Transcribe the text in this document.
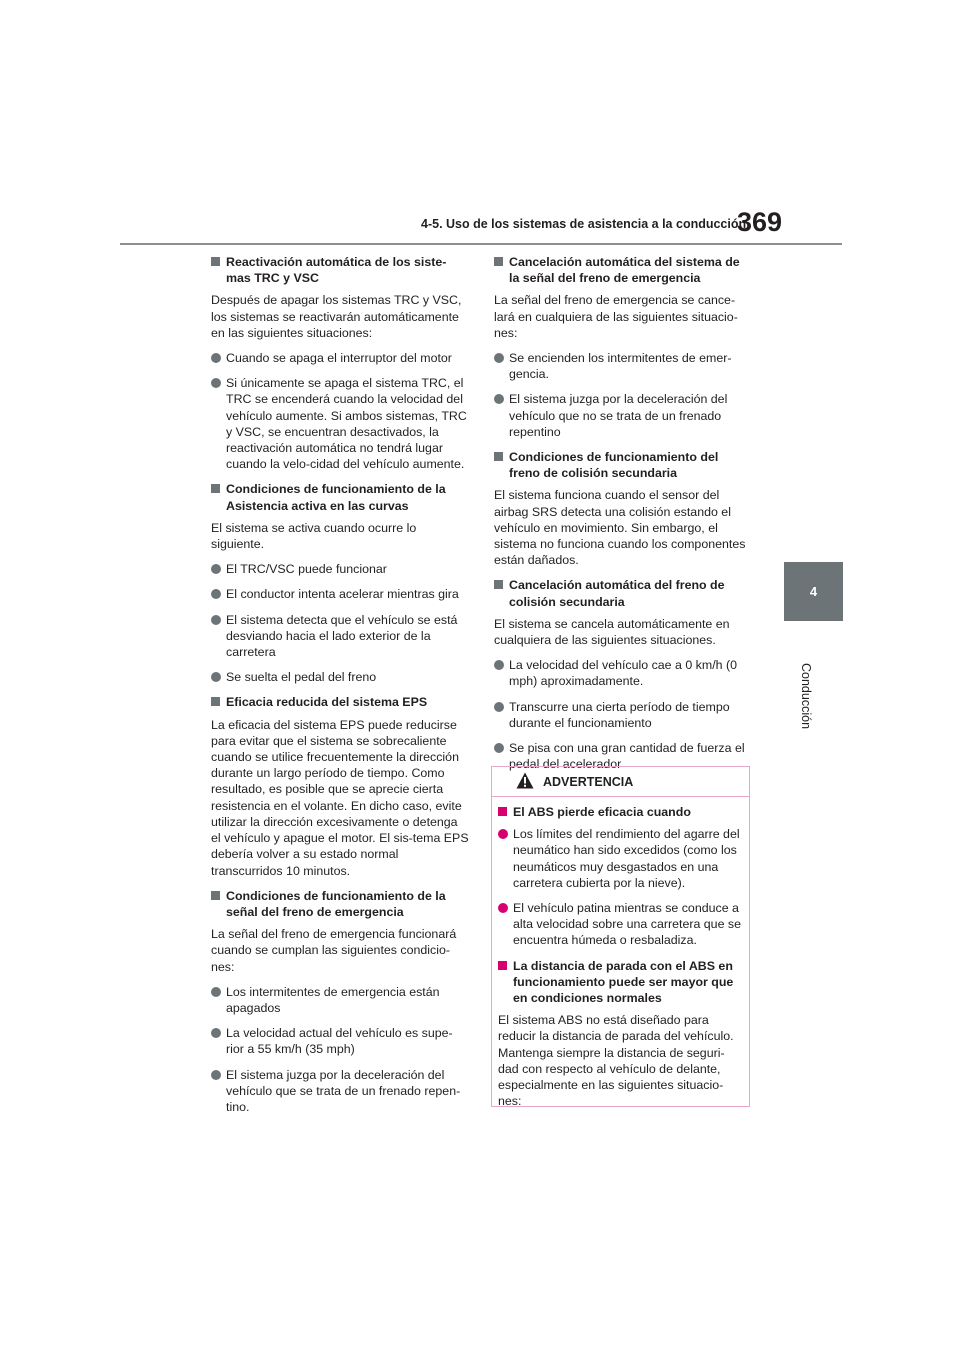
4-5. Uso de los sistemas de asistencia a la conducción
369
4
Conducción
Reactivación automática de los siste-mas TRC y VSC

Después de apagar los sistemas TRC y VSC, los sistemas se reactivarán automáticamente en las siguientes situaciones:

Cuando se apaga el interruptor del motor
Si únicamente se apaga el sistema TRC, el TRC se encenderá cuando la velocidad del vehículo aumente. Si ambos sistemas, TRC y VSC, se encuentran desactivados, la reactivación automática no tendrá lugar cuando la velo-cidad del vehículo aumente.
Condiciones de funcionamiento de la Asistencia activa en las curvas

El sistema se activa cuando ocurre lo siguiente.

El TRC/VSC puede funcionar
El conductor intenta acelerar mientras gira
El sistema detecta que el vehículo se está desviando hacia el lado exterior de la carretera
Se suelta el pedal del freno
Eficacia reducida del sistema EPS

La eficacia del sistema EPS puede reducirse para evitar que el sistema se sobrecaliente cuando se utilice frecuentemente la dirección durante un largo período de tiempo. Como resultado, es posible que se aprecie cierta resistencia en el volante. En dicho caso, evite utilizar la dirección excesivamente o detenga el vehículo y apague el motor. El sis-tema EPS debería volver a su estado normal transcurridos 10 minutos.

Condiciones de funcionamiento de la señal del freno de emergencia

La señal del freno de emergencia funcionará cuando se cumplan las siguientes condicio-nes:

Los intermitentes de emergencia están apagados
La velocidad actual del vehículo es supe-rior a 55 km/h (35 mph)
El sistema juzga por la deceleración del vehículo que se trata de un frenado repen-tino.
Cancelación automática del sistema de la señal del freno de emergencia

La señal del freno de emergencia se cance-lará en cualquiera de las siguientes situacio-nes:

Se encienden los intermitentes de emer-gencia.
El sistema juzga por la deceleración del vehículo que no se trata de un frenado repentino
Condiciones de funcionamiento del freno de colisión secundaria

El sistema funciona cuando el sensor del airbag SRS detecta una colisión estando el vehículo en movimiento. Sin embargo, el sistema no funciona cuando los componentes están dañados.

Cancelación automática del freno de colisión secundaria

El sistema se cancela automáticamente en cualquiera de las siguientes situaciones.

La velocidad del vehículo cae a 0 km/h (0 mph) aproximadamente.
Transcurre una cierta período de tiempo durante el funcionamiento
Se pisa con una gran cantidad de fuerza el pedal del acelerador
ADVERTENCIA
El ABS pierde eficacia cuando
Los límites del rendimiento del agarre del neumático han sido excedidos (como los neumáticos muy desgastados en una carretera cubierta por la nieve).
El vehículo patina mientras se conduce a alta velocidad sobre una carretera que se encuentra húmeda o resbaladiza.
La distancia de parada con el ABS en funcionamiento puede ser mayor que en condiciones normales

El sistema ABS no está diseñado para reducir la distancia de parada del vehículo. Mantenga siempre la distancia de seguri-dad con respecto al vehículo de delante, especialmente en las siguientes situacio-nes:
